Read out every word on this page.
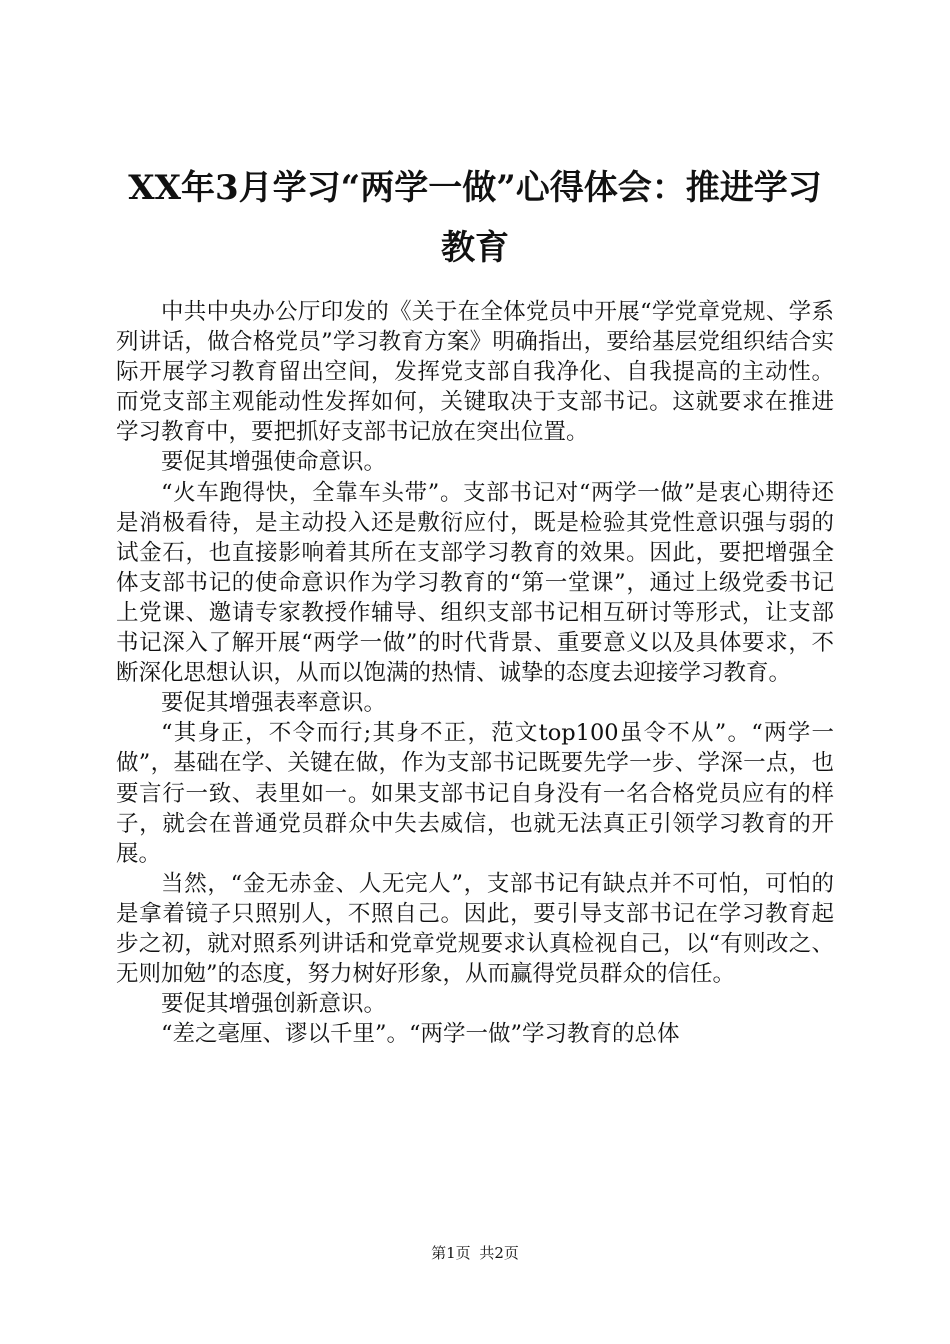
XX年3月学习“两学一做”心得体会：推进学习教育

中共中央办公厅印发的《关于在全体党员中开展“学党章党规、学系列讲话，做合格党员”学习教育方案》明确指出，要给基层党组织结合实际开展学习教育留出空间，发挥党支部自我净化、自我提高的主动性。而党支部主观能动性发挥如何，关键取决于支部书记。这就要求在推进学习教育中，要把抓好支部书记放在突出位置。

要促其增强使命意识。

“火车跑得快，全靠车头带”。支部书记对“两学一做”是衷心期待还是消极看待，是主动投入还是敷衍应付，既是检验其党性意识强与弱的试金石，也直接影响着其所在支部学习教育的效果。因此，要把增强全体支部书记的使命意识作为学习教育的“第一堂课”，通过上级党委书记上党课、邀请专家教授作辅导、组织支部书记相互研讨等形式，让支部书记深入了解开展“两学一做”的时代背景、重要意义以及具体要求，不断深化思想认识，从而以饱满的热情、诚挚的态度去迎接学习教育。

要促其增强表率意识。

“其身正，不令而行;其身不正，范文top100虽令不从”。“两学一做”，基础在学、关键在做，作为支部书记既要先学一步、学深一点，也要言行一致、表里如一。如果支部书记自身没有一名合格党员应有的样子，就会在普通党员群众中失去威信，也就无法真正引领学习教育的开展。

当然，“金无赤金、人无完人”，支部书记有缺点并不可怕，可怕的是拿着镜子只照别人，不照自己。因此，要引导支部书记在学习教育起步之初，就对照系列讲话和党章党规要求认真检视自己，以“有则改之、无则加勉”的态度，努力树好形象，从而赢得党员群众的信任。

要促其增强创新意识。

“差之毫厘、谬以千里”。“两学一做”学习教育的总体

第1页 共2页
